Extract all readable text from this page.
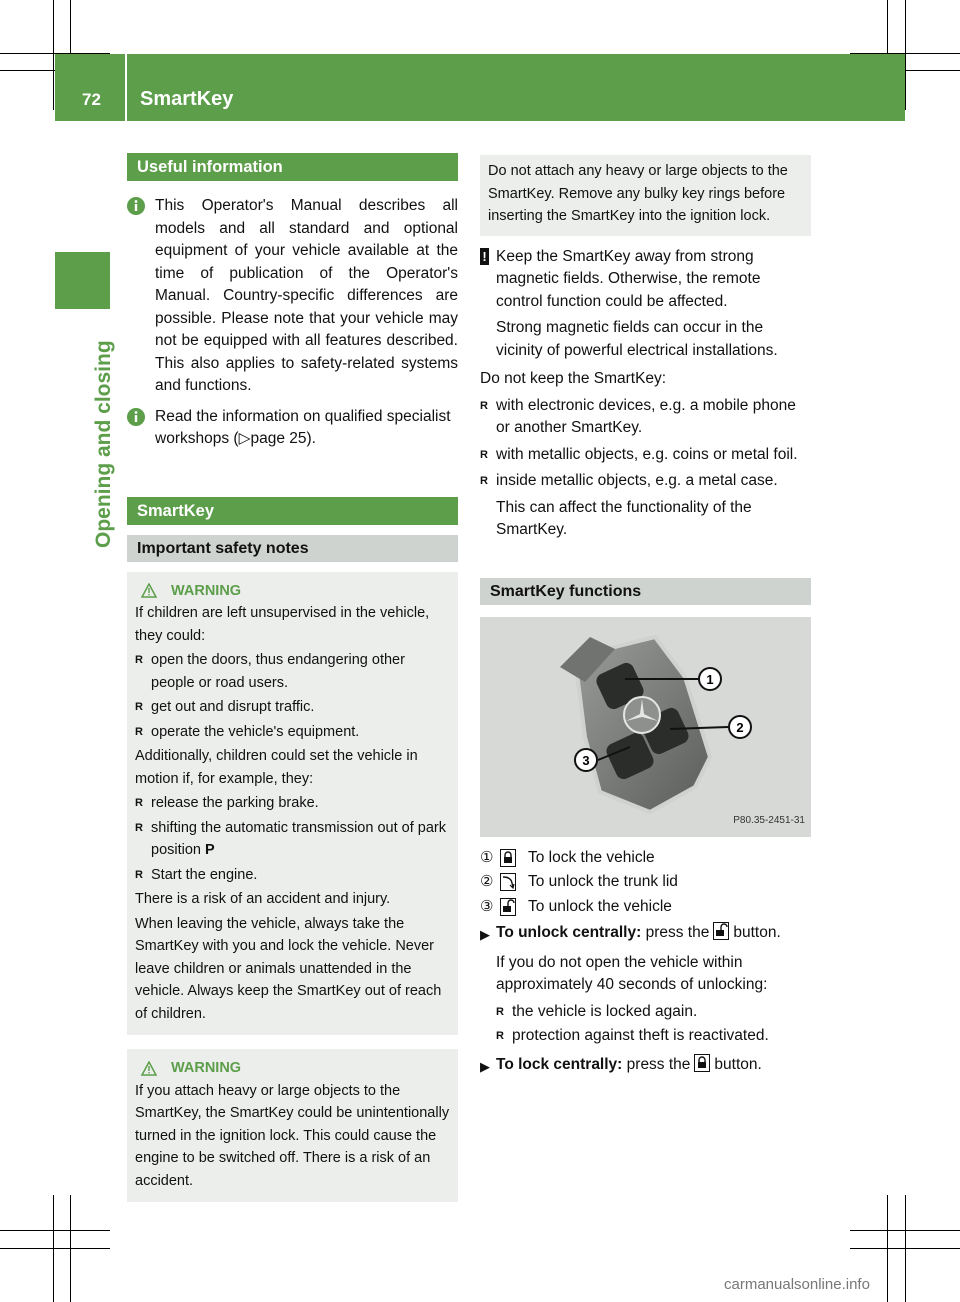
72 SmartKey
Opening and closing
Useful information
This Operator's Manual describes all models and all standard and optional equipment of your vehicle available at the time of publication of the Operator's Manual. Country-specific differences are possible. Please note that your vehicle may not be equipped with all features described. This also applies to safety-related systems and functions.
Read the information on qualified specialist workshops (▷page 25).
SmartKey
Important safety notes
WARNING
If children are left unsupervised in the vehicle, they could:
R open the doors, thus endangering other people or road users.
R get out and disrupt traffic.
R operate the vehicle's equipment.
Additionally, children could set the vehicle in motion if, for example, they:
R release the parking brake.
R shifting the automatic transmission out of park position P
R Start the engine.
There is a risk of an accident and injury.
When leaving the vehicle, always take the SmartKey with you and lock the vehicle. Never leave children or animals unattended in the vehicle. Always keep the SmartKey out of reach of children.
WARNING
If you attach heavy or large objects to the SmartKey, the SmartKey could be unintentionally turned in the ignition lock. This could cause the engine to be switched off. There is a risk of an accident.
Do not attach any heavy or large objects to the SmartKey. Remove any bulky key rings before inserting the SmartKey into the ignition lock.
! Keep the SmartKey away from strong magnetic fields. Otherwise, the remote control function could be affected.
Strong magnetic fields can occur in the vicinity of powerful electrical installations.
Do not keep the SmartKey:
R with electronic devices, e.g. a mobile phone or another SmartKey.
R with metallic objects, e.g. coins or metal foil.
R inside metallic objects, e.g. a metal case.
This can affect the functionality of the SmartKey.
SmartKey functions
1
2
3
P80.35-2451-31
①	To lock the vehicle
②	To unlock the trunk lid
③	To unlock the vehicle
▶ To unlock centrally: press the button.
If you do not open the vehicle within approximately 40 seconds of unlocking:
R the vehicle is locked again.
R protection against theft is reactivated.
▶ To lock centrally: press the button.
carmanualsonline.info
